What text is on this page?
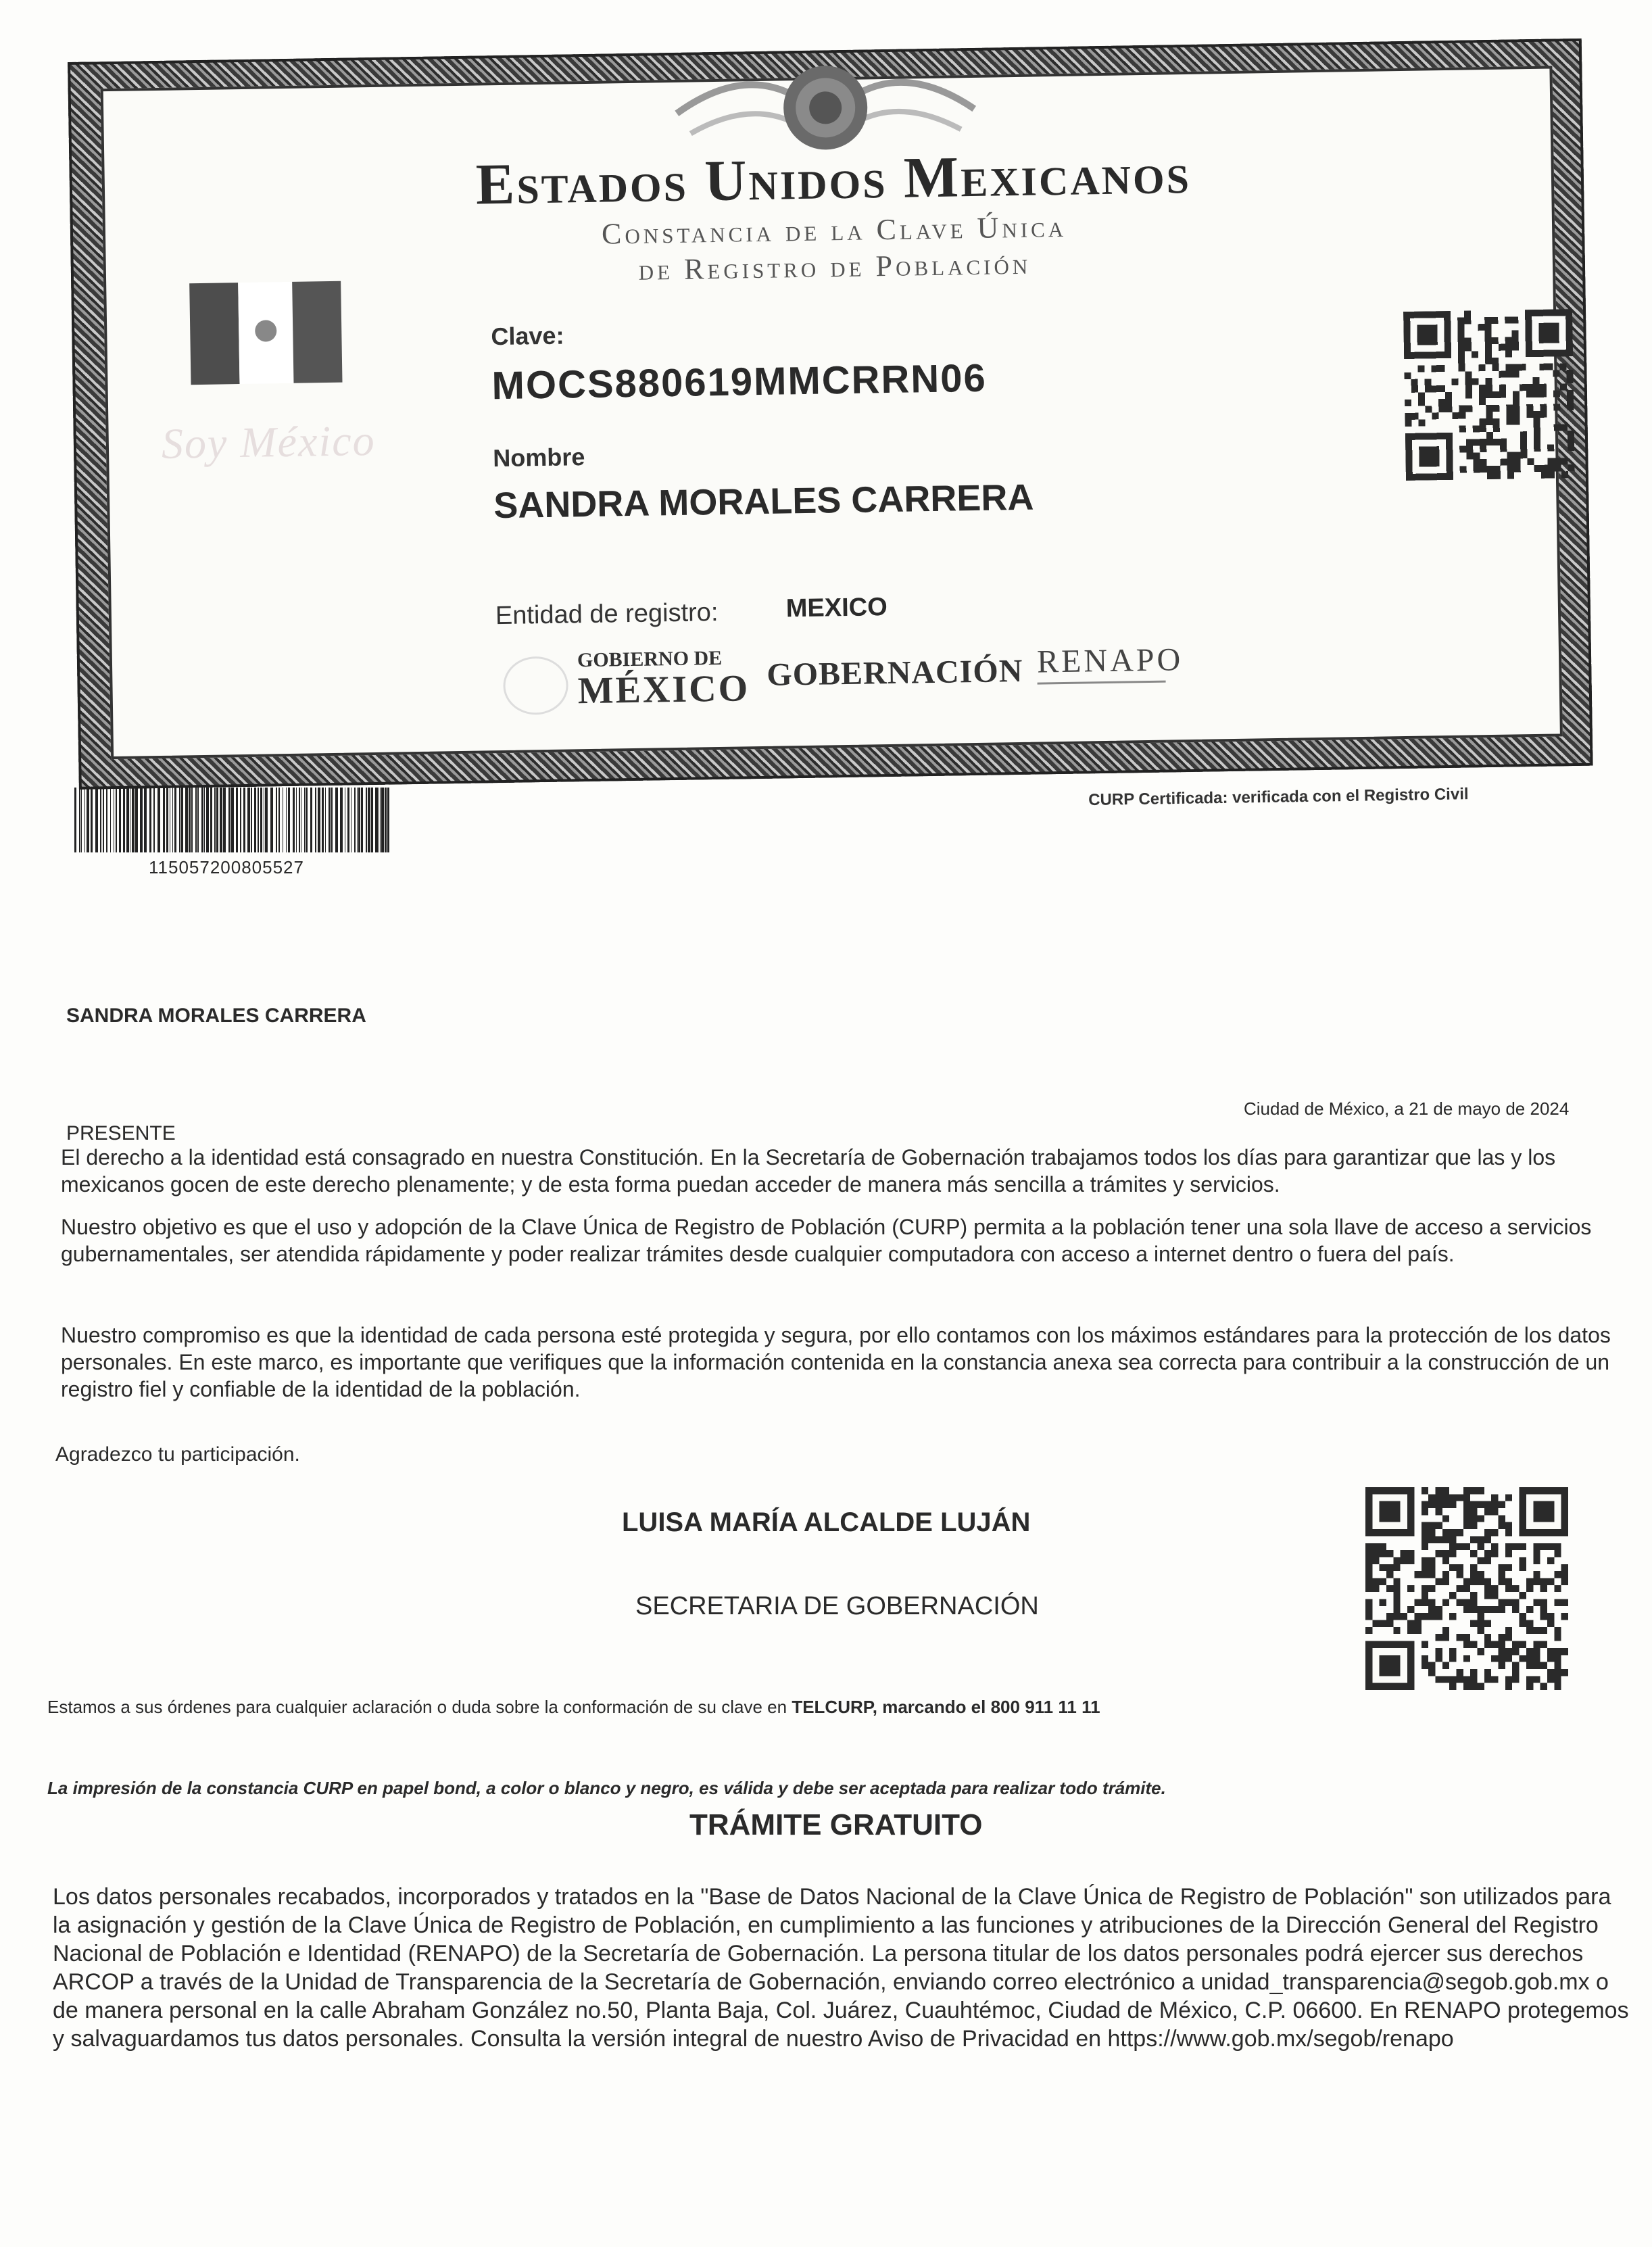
Estados Unidos Mexicanos
Constancia de la Clave Única
de Registro de Población
Soy México
Clave:
MOCS880619MMCRRN06
Nombre
SANDRA MORALES CARRERA
Entidad de registro:	MEXICO
GOBIERNO DE
MÉXICO GOBERNACIÓN RENAPO
115057200805527
CURP Certificada: verificada con el Registro Civil
SANDRA MORALES CARRERA
Ciudad de México, a 21 de mayo de 2024
PRESENTE
El derecho a la identidad está consagrado en nuestra Constitución. En la Secretaría de Gobernación trabajamos todos los días para garantizar que las y los mexicanos gocen de este derecho plenamente; y de esta forma puedan acceder de manera más sencilla a trámites y servicios.
Nuestro objetivo es que el uso y adopción de la Clave Única de Registro de Población (CURP) permita a la población tener una sola llave de acceso a servicios gubernamentales, ser atendida rápidamente y poder realizar trámites desde cualquier computadora con acceso a internet dentro o fuera del país.
Nuestro compromiso es que la identidad de cada persona esté protegida y segura, por ello contamos con los máximos estándares para la protección de los datos personales. En este marco, es importante que verifiques que la información contenida en la constancia anexa sea correcta para contribuir a la construcción de un registro fiel y confiable de la identidad de la población.
Agradezco tu participación.
LUISA MARÍA ALCALDE LUJÁN
SECRETARIA DE GOBERNACIÓN
Estamos a sus órdenes para cualquier aclaración o duda sobre la conformación de su clave en TELCURP, marcando el 800 911 11 11
La impresión de la constancia CURP en papel bond, a color o blanco y negro, es válida y debe ser aceptada para realizar todo trámite.
TRÁMITE GRATUITO
Los datos personales recabados, incorporados y tratados en la "Base de Datos Nacional de la Clave Única de Registro de Población" son utilizados para la asignación y gestión de la Clave Única de Registro de Población, en cumplimiento a las funciones y atribuciones de la Dirección General del Registro Nacional de Población e Identidad (RENAPO) de la Secretaría de Gobernación. La persona titular de los datos personales podrá ejercer sus derechos ARCOP a través de la Unidad de Transparencia de la Secretaría de Gobernación, enviando correo electrónico a unidad_transparencia@segob.gob.mx o de manera personal en la calle Abraham González no.50, Planta Baja, Col. Juárez, Cuauhtémoc, Ciudad de México, C.P. 06600. En RENAPO protegemos y salvaguardamos tus datos personales. Consulta la versión integral de nuestro Aviso de Privacidad en https://www.gob.mx/segob/renapo
